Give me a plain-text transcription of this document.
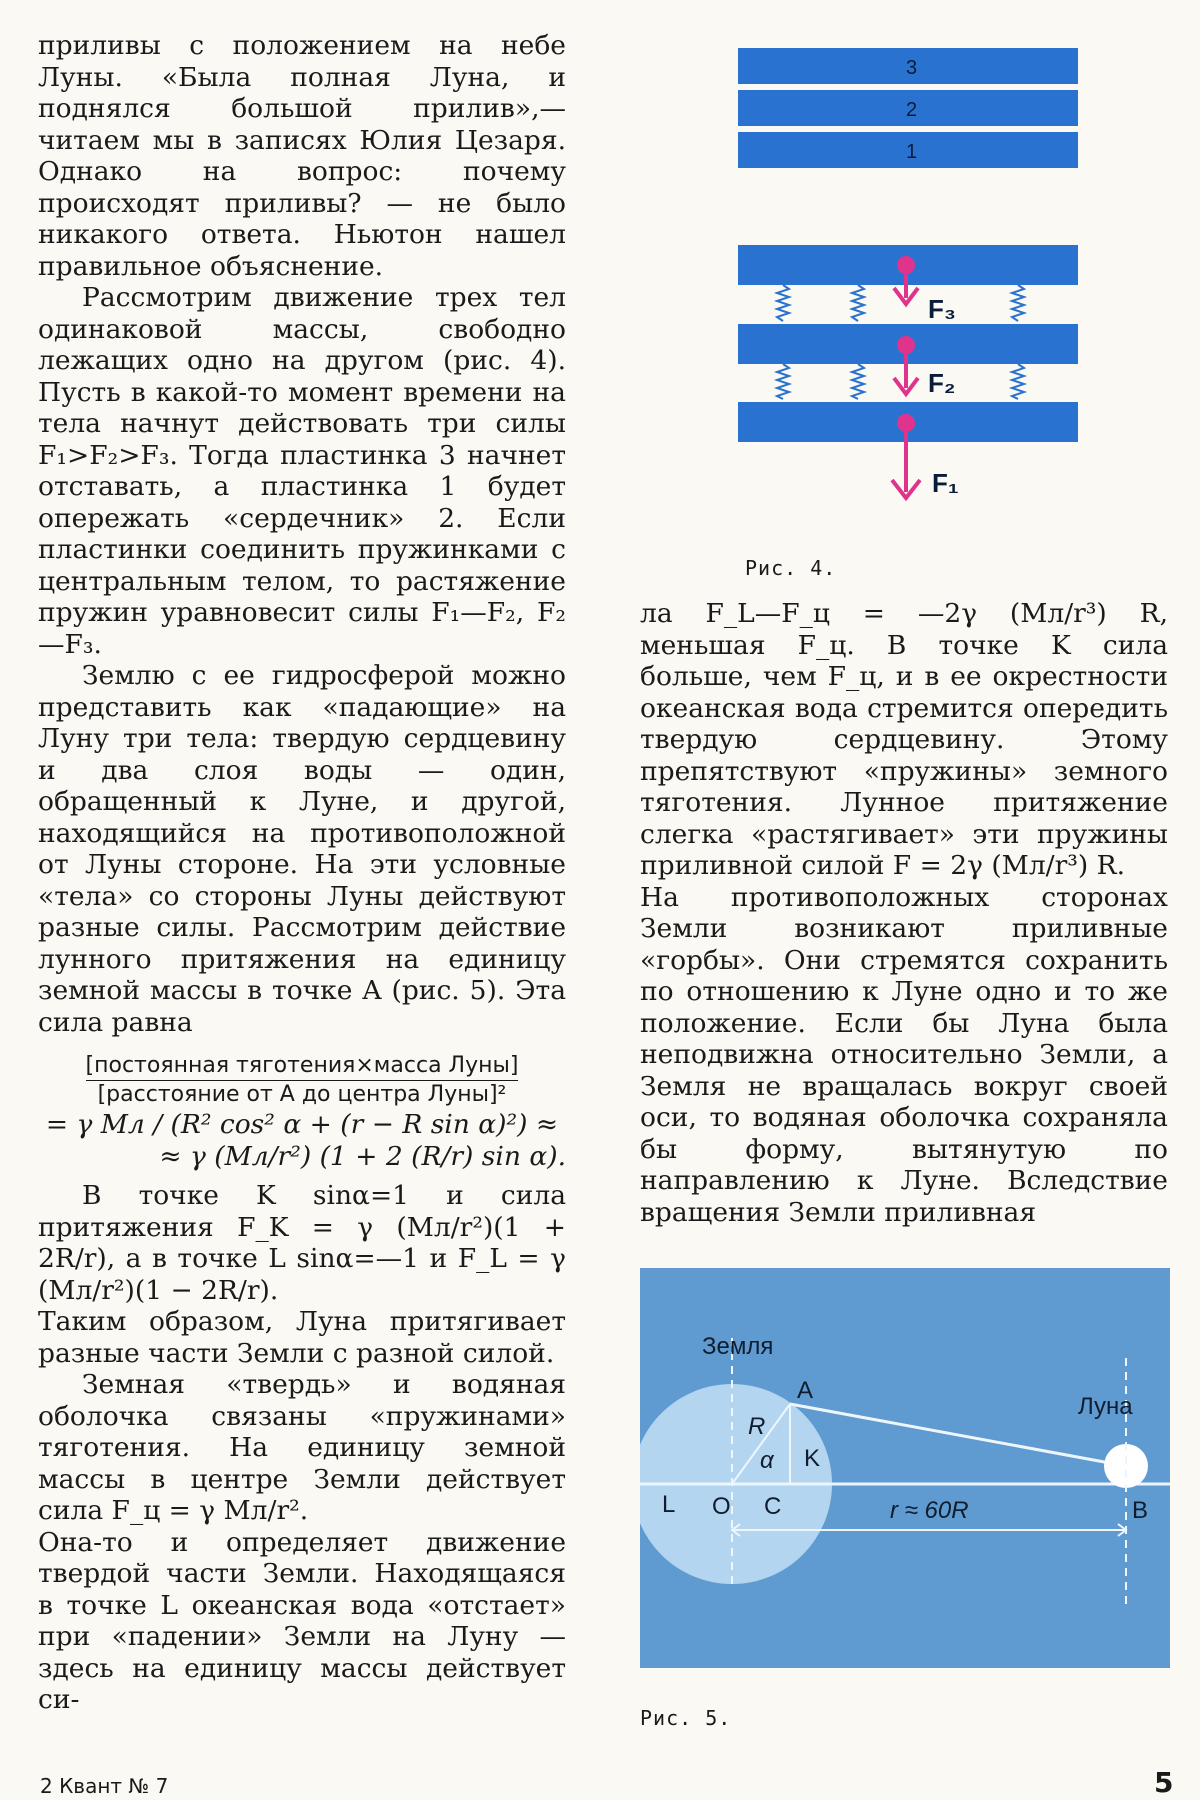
приливы с положением на небе Луны. «Была полная Луна, и поднялся большой прилив»,— читаем мы в записях Юлия Цезаря. Однако на вопрос: почему происходят приливы? — не было никакого ответа. Ньютон нашел правильное объяснение.

Рассмотрим движение трех тел одинаковой массы, свободно лежащих одно на другом (рис. 4). Пусть в какой-то момент времени на тела начнут действовать три силы F₁>F₂>F₃. Тогда пластинка 3 начнет отставать, а пластинка 1 будет опережать «сердечник» 2. Если пластинки соединить пружинками с центральным телом, то растяжение пружин уравновесит силы F₁—F₂, F₂—F₃.

Землю с ее гидросферой можно представить как «падающие» на Луну три тела: твердую сердцевину и два слоя воды — один, обращенный к Луне, и другой, находящийся на противоположной от Луны стороне. На эти условные «тела» со стороны Луны действуют разные силы. Рассмотрим действие лунного притяжения на единицу земной массы в точке A (рис. 5). Эта сила равна

[постоянная тяготения×масса Луны]
[расстояние от A до центра Луны]²

= γ Mл / (R² cos² α + (r − R sin α)²) ≈

≈ γ (Mл/r²) (1 + 2 (R/r) sin α).

В точке K sinα=1 и сила притяжения F_K = γ (Mл/r²)(1 + 2R/r), а в точке L sinα=—1 и F_L = γ (Mл/r²)(1 − 2R/r).

Таким образом, Луна притягивает разные части Земли с разной силой.

Земная «твердь» и водяная оболочка связаны «пружинами» тяготения. На единицу земной массы в центре Земли действует сила F_ц = γ Mл/r².

Она-то и определяет движение твердой части Земли. Находящаяся в точке L океанская вода «отстает» при «падении» Земли на Луну — здесь на единицу массы действует си-

3
2
1
F₃
F₂
F₁
Рис. 4.

ла F_L—F_ц = —2γ (Mл/r³) R, меньшая F_ц. В точке K сила больше, чем F_ц, и в ее окрестности океанская вода стремится опередить твердую сердцевину. Этому препятствуют «пружины» земного тяготения. Лунное притяжение слегка «растягивает» эти пружины приливной силой F = 2γ (Mл/r³) R.

На противоположных сторонах Земли возникают приливные «горбы». Они стремятся сохранить по отношению к Луне одно и то же положение. Если бы Луна была неподвижна относительно Земли, а Земля не вращалась вокруг своей оси, то водяная оболочка сохраняла бы форму, вытянутую по направлению к Луне. Вследствие вращения Земли приливная

Земля
Луна
A
B
K
C
O
L
R
α
r ≈ 60R
Рис. 5.
2 Квант № 7	5
